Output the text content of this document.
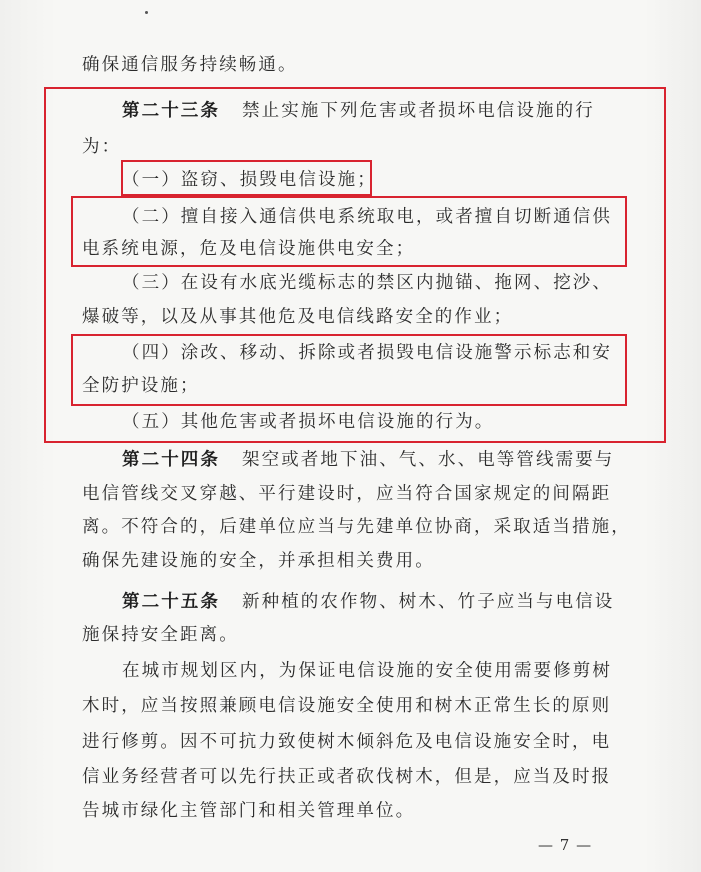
确保通信服务持续畅通。
第二十三条 禁止实施下列危害或者损坏电信设施的行
为：
（一）盗窃、损毁电信设施；
（二）擅自接入通信供电系统取电，或者擅自切断通信供
电系统电源，危及电信设施供电安全；
（三）在设有水底光缆标志的禁区内抛锚、拖网、挖沙、
爆破等，以及从事其他危及电信线路安全的作业；
（四）涂改、移动、拆除或者损毁电信设施警示标志和安
全防护设施；
（五）其他危害或者损坏电信设施的行为。
第二十四条 架空或者地下油、气、水、电等管线需要与
电信管线交叉穿越、平行建设时，应当符合国家规定的间隔距
离。不符合的，后建单位应当与先建单位协商，采取适当措施，
确保先建设施的安全，并承担相关费用。
第二十五条 新种植的农作物、树木、竹子应当与电信设
施保持安全距离。
在城市规划区内，为保证电信设施的安全使用需要修剪树
木时，应当按照兼顾电信设施安全使用和树木正常生长的原则
进行修剪。因不可抗力致使树木倾斜危及电信设施安全时，电
信业务经营者可以先行扶正或者砍伐树木，但是，应当及时报
告城市绿化主管部门和相关管理单位。
— 7 —
